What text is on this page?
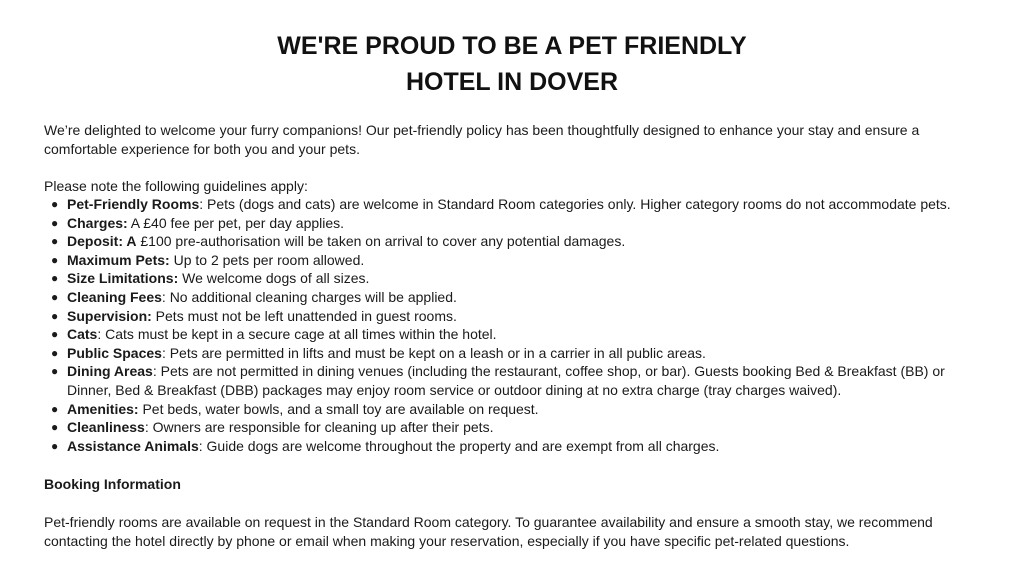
WE'RE PROUD TO BE A PET FRIENDLY
HOTEL IN DOVER

We’re delighted to welcome your furry companions! Our pet-friendly policy has been thoughtfully designed to enhance your stay and ensure a comfortable experience for both you and your pets.

Please note the following guidelines apply:

● Pet-Friendly Rooms: Pets (dogs and cats) are welcome in Standard Room categories only. Higher category rooms do not accommodate pets.
● Charges: A £40 fee per pet, per day applies.
● Deposit: A £100 pre-authorisation will be taken on arrival to cover any potential damages.
● Maximum Pets: Up to 2 pets per room allowed.
● Size Limitations: We welcome dogs of all sizes.
● Cleaning Fees: No additional cleaning charges will be applied.
● Supervision: Pets must not be left unattended in guest rooms.
● Cats: Cats must be kept in a secure cage at all times within the hotel.
● Public Spaces: Pets are permitted in lifts and must be kept on a leash or in a carrier in all public areas.
● Dining Areas: Pets are not permitted in dining venues (including the restaurant, coffee shop, or bar). Guests booking Bed & Breakfast (BB) or Dinner, Bed & Breakfast (DBB) packages may enjoy room service or outdoor dining at no extra charge (tray charges waived).
● Amenities: Pet beds, water bowls, and a small toy are available on request.
● Cleanliness: Owners are responsible for cleaning up after their pets.
● Assistance Animals: Guide dogs are welcome throughout the property and are exempt from all charges.

Booking Information

Pet-friendly rooms are available on request in the Standard Room category. To guarantee availability and ensure a smooth stay, we recommend contacting the hotel directly by phone or email when making your reservation, especially if you have specific pet-related questions.
